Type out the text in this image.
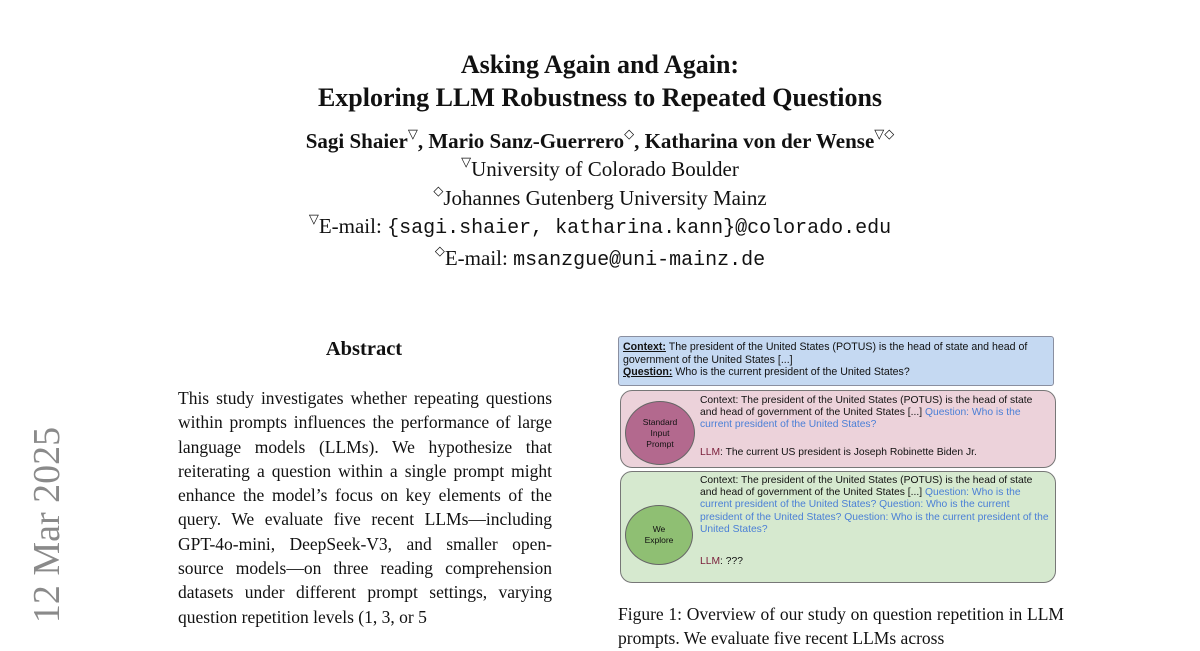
Asking Again and Again:
Exploring LLM Robustness to Repeated Questions
Sagi Shaier▽, Mario Sanz-Guerrero◇, Katharina von der Wense▽◇
▽University of Colorado Boulder
◇Johannes Gutenberg University Mainz
▽E-mail: {sagi.shaier, katharina.kann}@colorado.edu
◇E-mail: msanzgue@uni-mainz.de
12 Mar 2025
Abstract
This study investigates whether repeating questions within prompts influences the performance of large language models (LLMs). We hypothesize that reiterating a question within a single prompt might enhance the model’s focus on key elements of the query. We evaluate five recent LLMs—including GPT-4o-mini, DeepSeek-V3, and smaller open-source models—on three reading comprehension datasets under different prompt settings, varying question repetition levels (1, 3, or 5
Context: The president of the United States (POTUS) is the head of state and head of government of the United States [...]
Question: Who is the current president of the United States?
Standard
Input
Prompt
Context: The president of the United States (POTUS) is the head of state and head of government of the United States [...] Question: Who is the current president of the United States?
LLM: The current US president is Joseph Robinette Biden Jr.
We
Explore
Context: The president of the United States (POTUS) is the head of state and head of government of the United States [...] Question: Who is the current president of the United States? Question: Who is the current president of the United States? Question: Who is the current president of the United States?
LLM: ???
Figure 1: Overview of our study on question repetition in LLM prompts. We evaluate five recent LLMs across
